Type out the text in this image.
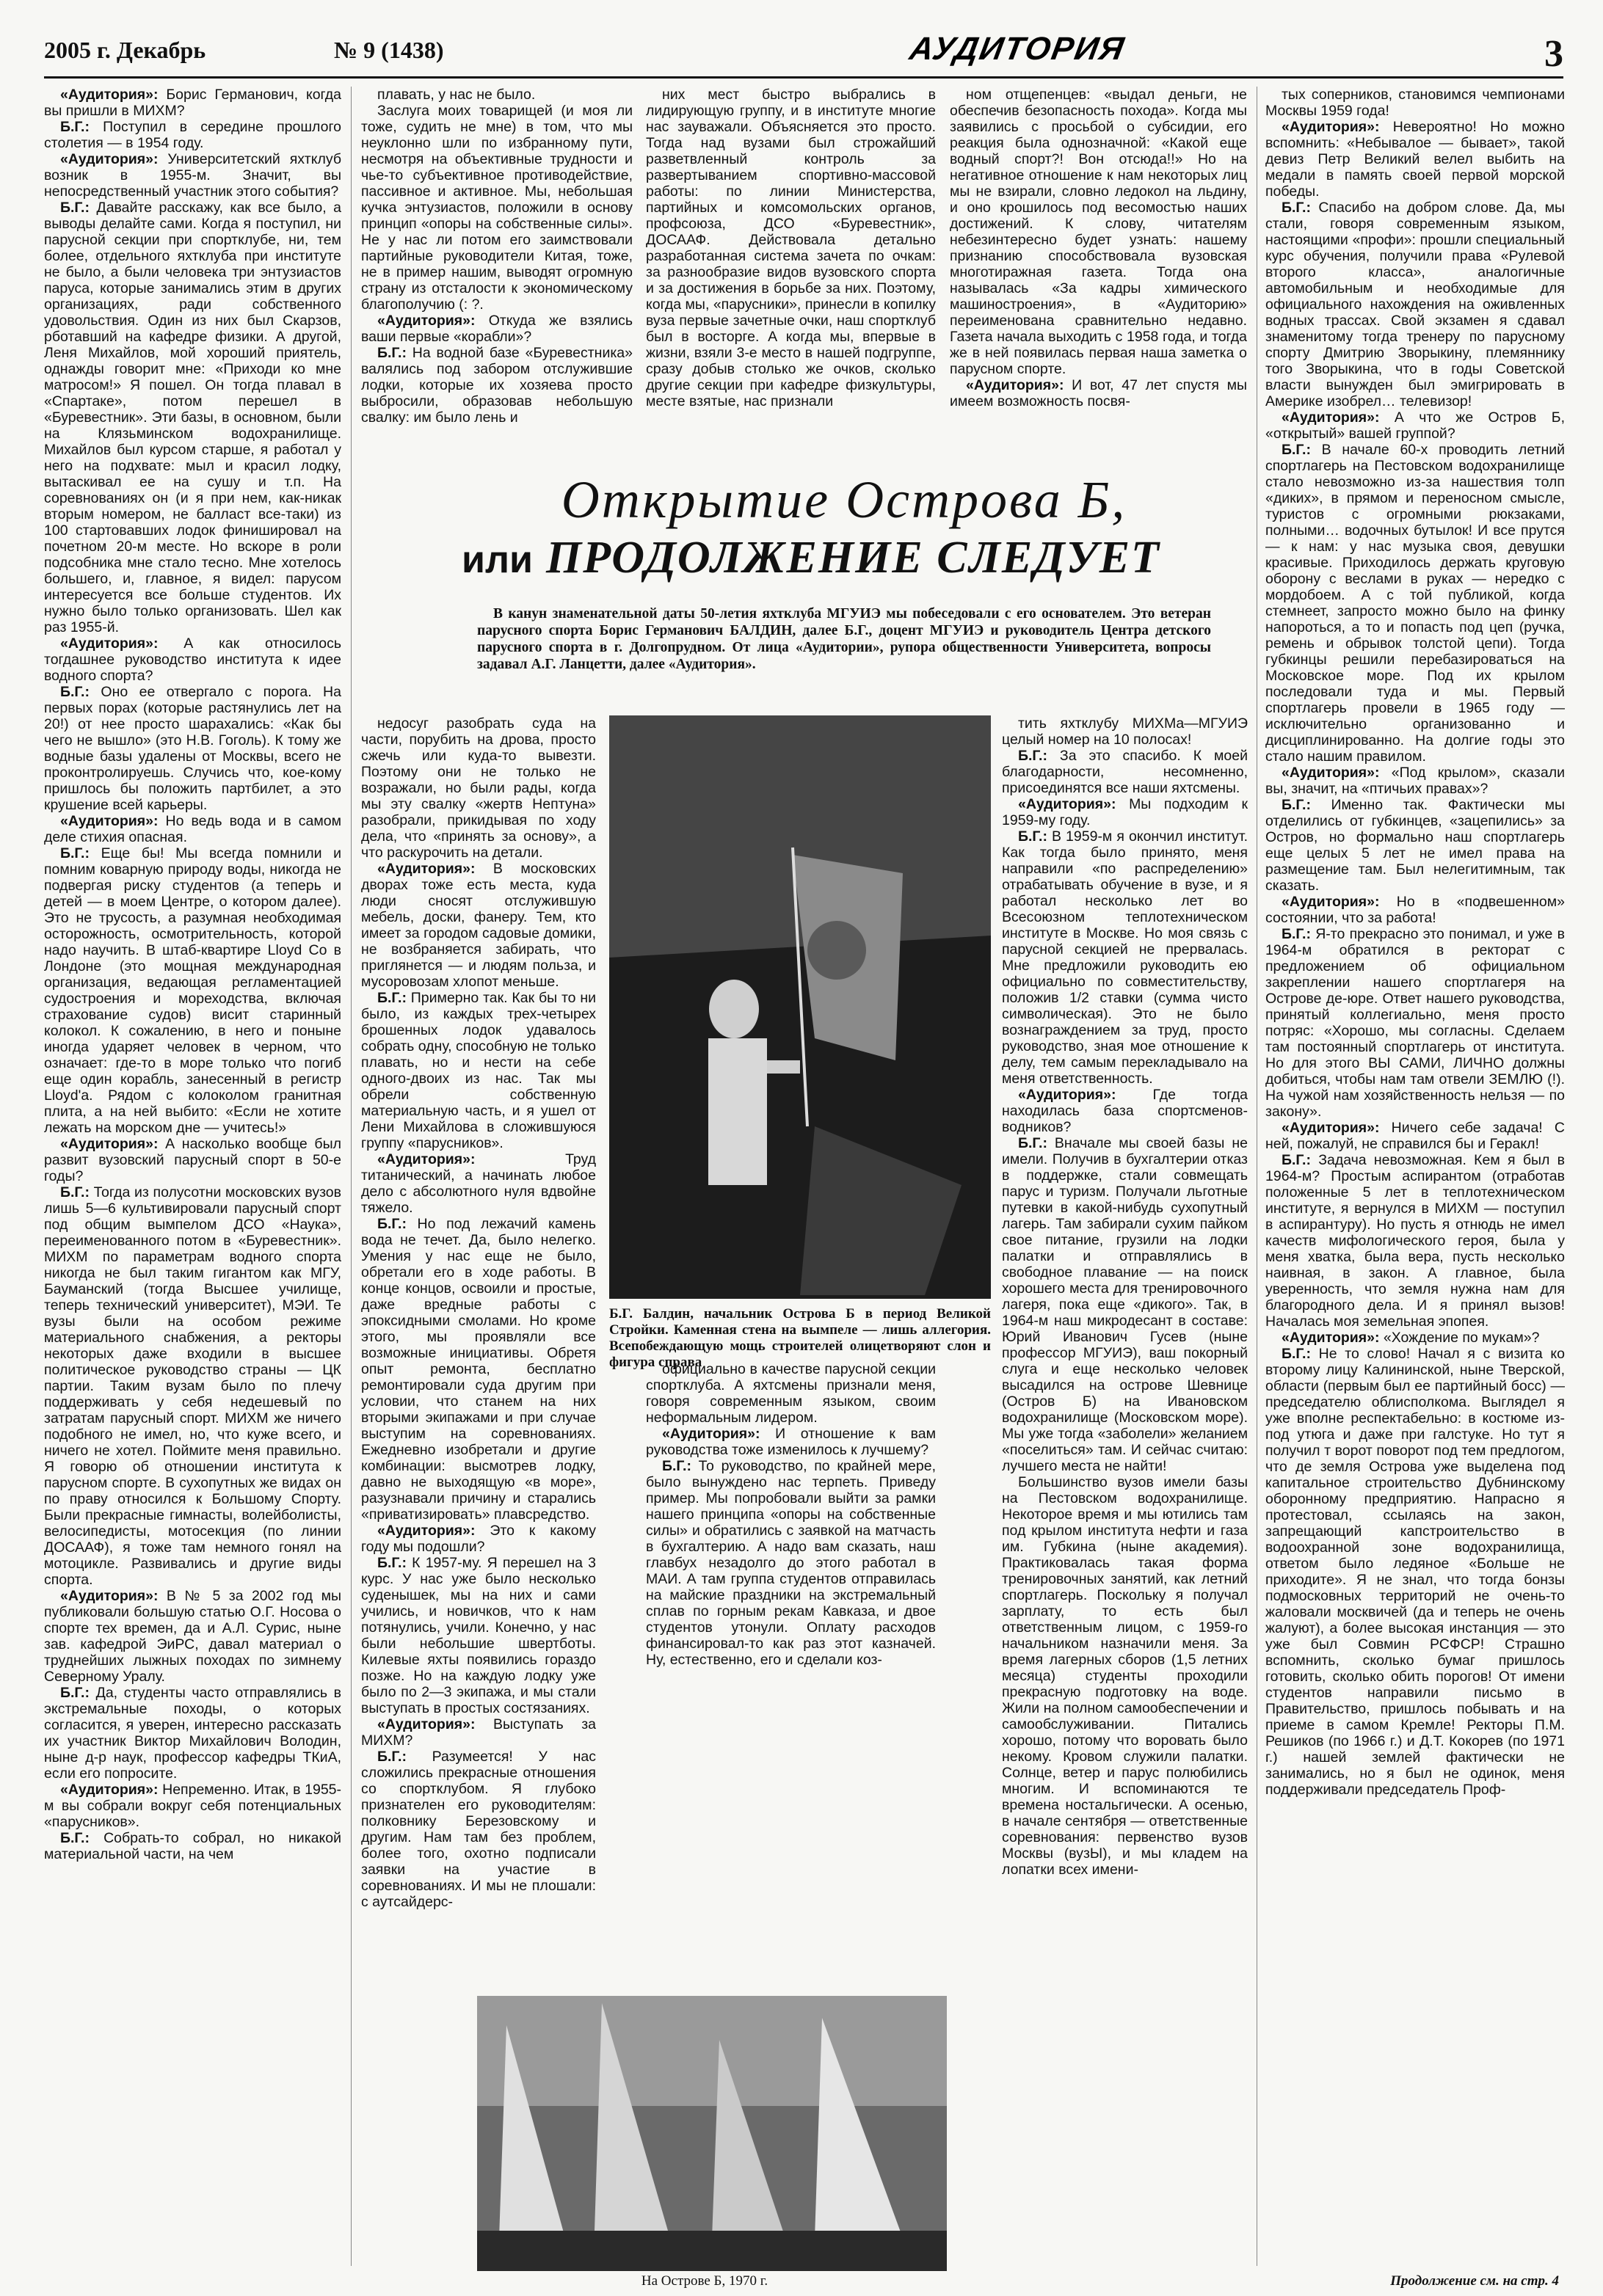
2005 г. Декабрь	№ 9 (1438)	АУДИТОРИЯ	3

«Аудитория»: Борис Германович, когда вы пришли в МИХМ?

Б.Г.: Поступил в середине прошлого столетия — в 1954 году.

«Аудитория»: Университетский яхтклуб возник в 1955-м. Значит, вы непосредственный участник этого события?

Б.Г.: Давайте расскажу, как все было, а выводы делайте сами. Когда я поступил, ни парусной секции при спортклубе, ни, тем более, отдельного яхтклуба при институте не было, а были человека три энтузиастов паруса, которые занимались этим в других организациях, ради собственного удовольствия. Один из них был Скарзов, рботавший на кафедре физики. А другой, Леня Михайлов, мой хороший приятель, однажды говорит мне: «Приходи ко мне матросом!» Я пошел. Он тогда плавал в «Спартаке», потом перешел в «Буревестник». Эти базы, в основном, были на Клязьминском водохранилище. Михайлов был курсом старше, я работал у него на подхвате: мыл и красил лодку, вытаскивал ее на сушу и т.п. На соревнованиях он (и я при нем, как-никак вторым номером, не балласт все-таки) из 100 стартовавших лодок финишировал на почетном 20-м месте. Но вскоре в роли подсобника мне стало тесно. Мне хотелось большего, и, главное, я видел: парусом интересуется все больше студентов. Их нужно было только организовать. Шел как раз 1955-й.

«Аудитория»: А как относилось тогдашнее руководство института к идее водного спорта?

Б.Г.: Оно ее отвергало с порога. На первых порах (которые растянулись лет на 20!) от нее просто шарахались: «Как бы чего не вышло» (это Н.В. Гоголь). К тому же водные базы удалены от Москвы, всего не проконтролируешь. Случись что, кое-кому пришлось бы положить партбилет, а это крушение всей карьеры.

«Аудитория»: Но ведь вода и в самом деле стихия опасная.

Б.Г.: Еще бы! Мы всегда помнили и помним коварную природу воды, никогда не подвергая риску студентов (а теперь и детей — в моем Центре, о котором далее). Это не трусость, а разумная необходимая осторожность, осмотрительность, которой надо научить. В штаб-квартире Lloyd Co в Лондоне (это мощная международная организация, ведающая регламентацией судостроения и мореходства, включая страхование судов) висит старинный колокол. К сожалению, в него и поныне иногда ударяет человек в черном, что означает: где-то в море только что погиб еще один корабль, занесенный в регистр Lloyd'а. Рядом с колоколом гранитная плита, а на ней выбито: «Если не хотите лежать на морском дне — учитесь!»

«Аудитория»: А насколько вообще был развит вузовский парусный спорт в 50-е годы?

Б.Г.: Тогда из полусотни московских вузов лишь 5—6 культивировали парусный спорт под общим вымпелом ДСО «Наука», переименованного потом в «Буревестник». МИХМ по параметрам водного спорта никогда не был таким гигантом как МГУ, Бауманский (тогда Высшее училище, теперь технический университет), МЭИ. Те вузы были на особом режиме материального снабжения, а ректоры некоторых даже входили в высшее политическое руководство страны — ЦК партии. Таким вузам было по плечу поддерживать у себя недешевый по затратам парусный спорт. МИХМ же ничего подобного не имел, но, что куже всего, и ничего не хотел. Поймите меня правильно. Я говорю об отношении института к парусном спорте. В сухопутных же видах он по праву относился к Большому Спорту. Были прекрасные гимнасты, волейболисты, велосипедисты, мотосекция (по линии ДОСААФ), я тоже там немного гонял на мотоцикле. Развивались и другие виды спорта.

«Аудитория»: В № 5 за 2002 год мы публиковали большую статью О.Г. Носова о спорте тех времен, да и А.Л. Сурис, ныне зав. кафедрой ЭиРС, давал материал о труднейших лыжных походах по зимнему Северному Уралу.

Б.Г.: Да, студенты часто отправлялись в экстремальные походы, о которых согласится, я уверен, интересно рассказать их участник Виктор Михайлович Володин, ныне д-р наук, профессор кафедры ТКиА, если его попросите.

«Аудитория»: Непременно. Итак, в 1955-м вы собрали вокруг себя потенциальных «парусников».

Б.Г.: Собрать-то собрал, но никакой материальной части, на чем

плавать, у нас не было.

Заслуга моих товарищей (и моя ли тоже, судить не мне) в том, что мы неуклонно шли по избранному пути, несмотря на объективные трудности и чье-то субъективное противодействие, пассивное и активное. Мы, небольшая кучка энтузиастов, положили в основу принцип «опоры на собственные силы». Не у нас ли потом его заимствовали партийные руководители Китая, тоже, не в пример нашим, выводят огромную страну из отсталости к экономическому благополучию (: ?.

«Аудитория»: Откуда же взялись ваши первые «корабли»?

Б.Г.: На водной базе «Буревестника» валялись под забором отслужившие лодки, которые их хозяева просто выбросили, образовав небольшую свалку: им было лень и

них мест быстро выбрались в лидирующую группу, и в институте многие нас зауважали. Объясняется это просто. Тогда над вузами был строжайший разветвленный контроль за развертыванием спортивно-массовой работы: по линии Министерства, партийных и комсомольских органов, профсоюза, ДСО «Буревестник», ДОСААФ. Действовала детально разработанная система зачета по очкам: за разнообразие видов вузовского спорта и за достижения в борьбе за них. Поэтому, когда мы, «парусники», принесли в копилку вуза первые зачетные очки, наш спортклуб был в восторге. А когда мы, впервые в жизни, взяли 3-е место в нашей подгруппе, сразу добыв столько же очков, сколько другие секции при кафедре физкультуры, месте взятые, нас признали

ном отщепенцев: «выдал деньги, не обеспечив безопасность похода». Когда мы заявились с просьбой о субсидии, его реакция была однозначной: «Какой еще водный спорт?! Вон отсюда!!» Но на негативное отношение к нам некоторых лиц мы не взирали, словно ледокол на льдину, и оно крошилось под весомостью наших достижений. К слову, читателям небезинтересно будет узнать: нашему признанию способствовала вузовская многотиражная газета. Тогда она называлась «За кадры химического машиностроения», в «Аудиторию» переименована сравнительно недавно. Газета начала выходить с 1958 года, и тогда же в ней появилась первая наша заметка о парусном спорте.

«Аудитория»: И вот, 47 лет спустя мы имеем возможность посвя-

тых соперников, становимся чемпионами Москвы 1959 года!

«Аудитория»: Невероятно! Но можно вспомнить: «Небывалое — бывает», такой девиз Петр Великий велел выбить на медали в память своей первой морской победы.

Б.Г.: Спасибо на добром слове. Да, мы стали, говоря современным языком, настоящими «профи»: прошли специальный курс обучения, получили права «Рулевой второго класса», аналогичные автомобильным и необходимые для официального нахождения на оживленных водных трассах. Свой экзамен я сдавал знаменитому тогда тренеру по парусному спорту Дмитрию Зворыкину, племяннику того Зворыкина, что в годы Советской власти вынужден был эмигрировать в Америке изобрел… телевизор!

«Аудитория»: А что же Остров Б, «открытый» вашей группой?

Б.Г.: В начале 60-х проводить летний спортлагерь на Пестовском водохранилище стало невозможно из-за нашествия толп «диких», в прямом и переносном смысле, туристов с огромными рюкзаками, полными… водочных бутылок! И все прутся — к нам: у нас музыка своя, девушки красивые. Приходилось держать круговую оборону с веслами в руках — нередко с мордобоем. А с той публикой, когда стемнеет, запросто можно было на финку напороться, а то и попасть под цеп (ручка, ремень и обрывок толстой цепи). Тогда губкинцы решили перебазироваться на Московское море. Под их крылом последовали туда и мы. Первый спортлагерь провели в 1965 году — исключительно организованно и дисциплинированно. На долгие годы это стало нашим правилом.

«Аудитория»: «Под крылом», сказали вы, значит, на «птичьих правах»?

Б.Г.: Именно так. Фактически мы отделились от губкинцев, «зацепились» за Остров, но формально наш спортлагерь еще целых 5 лет не имел права на размещение там. Был нелегитимным, так сказать.

«Аудитория»: Но в «подвешенном» состоянии, что за работа!

Б.Г.: Я-то прекрасно это понимал, и уже в 1964-м обратился в ректорат с предложением об официальном закреплении нашего спортлагеря на Острове де-юре. Ответ нашего руководства, принятый коллегиально, меня просто потряс: «Хорошо, мы согласны. Сделаем там постоянный спортлагерь от института. Но для этого ВЫ САМИ, ЛИЧНО должны добиться, чтобы нам там отвели ЗЕМЛЮ (!). На чужой нам хозяйственность нельзя — по закону».

«Аудитория»: Ничего себе задача! С ней, пожалуй, не справился бы и Геракл!

Б.Г.: Задача невозможная. Кем я был в 1964-м? Простым аспирантом (отработав положенные 5 лет в теплотехническом институте, я вернулся в МИХМ — поступил в аспирантуру). Но пусть я отнюдь не имел качеств мифологического героя, была у меня хватка, была вера, пусть несколько наивная, в закон. А главное, была уверенность, что земля нужна нам для благородного дела. И я принял вызов! Началась моя земельная эпопея.

«Аудитория»: «Хождение по мукам»?

Б.Г.: Не то слово! Начал я с визита ко второму лицу Калининской, ныне Тверской, области (первым был ее партийный босс) — председателю облисполкома. Выглядел я уже вполне респектабельно: в костюме из-под утюга и даже при галстуке. Но тут я получил т ворот поворот под тем предлогом, что де земля Острова уже выделена под капитальное строительство Дубнинскому оборонному предприятию. Напрасно я протестовал, ссылаясь на закон, запрещающий капстроительство в водоохранной зоне водохранилища, ответом было ледяное «Больше не приходите». Я не знал, что тогда бонзы подмосковных территорий не очень-то жаловали москвичей (да и теперь не очень жалуют), а более высокая инстанция — это уже был Совмин РСФСР! Страшно вспомнить, сколько бумаг пришлось готовить, сколько обить порогов! От имени студентов направили письмо в Правительство, пришлось побывать и на приеме в самом Кремле! Ректоры П.М. Решиков (по 1966 г.) и Д.Т. Кокорев (по 1971 г.) нашей землей фактически не занимались, но я был не одинок, меня поддерживали председатель Проф-

Открытие Острова Б,
или ПРОДОЛЖЕНИЕ СЛЕДУЕТ

В канун знаменательной даты 50-летия яхтклуба МГУИЭ мы побеседовали с его основателем. Это ветеран парусного спорта Борис Германович БАЛДИН, далее Б.Г., доцент МГУИЭ и руководитель Центра детского парусного спорта в г. Долгопрудном. От лица «Аудитории», рупора общественности Университета, вопросы задавал А.Г. Ланцетти, далее «Аудитория».

недосуг разобрать суда на части, порубить на дрова, просто сжечь или куда-то вывезти. Поэтому они не только не возражали, но были рады, когда мы эту свалку «жертв Нептуна» разобрали, прикидывая по ходу дела, что «принять за основу», а что раскурочить на детали.

«Аудитория»: В московских дворах тоже есть места, куда люди сносят отслужившую мебель, доски, фанеру. Тем, кто имеет за городом садовые домики, не возбраняется забирать, что приглянется — и людям польза, и мусоровозам хлопот меньше.

Б.Г.: Примерно так. Как бы то ни было, из каждых трех-четырех брошенных лодок удавалось собрать одну, способную не только плавать, но и нести на себе одного-двоих из нас. Так мы обрели собственную материальную часть, и я ушел от Лени Михайлова в сложившуюся группу «парусников».

«Аудитория»: Труд титанический, а начинать любое дело с абсолютного нуля вдвойне тяжело.

Б.Г.: Но под лежачий камень вода не течет. Да, было нелегко. Умения у нас еще не было, обретали его в ходе работы. В конце концов, освоили и простые, даже вредные работы с эпоксидными смолами. Но кроме этого, мы проявляли все возможные инициативы. Обретя опыт ремонта, бесплатно ремонтировали суда другим при условии, что станем на них вторыми экипажами и при случае выступим на соревнованиях. Ежедневно изобретали и другие комбинации: высмотрев лодку, давно не выходящую «в море», разузнавали причину и старались «приватизировать» плавсредство.

«Аудитория»: Это к какому году мы подошли?

Б.Г.: К 1957-му. Я перешел на 3 курс. У нас уже было несколько суденышек, мы на них и сами учились, и новичков, что к нам потянулись, учили. Конечно, у нас были небольшие швертботы. Килевые яхты появились гораздо позже. Но на каждую лодку уже было по 2—3 экипажа, и мы стали выступать в простых состязаниях.

«Аудитория»: Выступать за МИХМ?

Б.Г.: Разумеется! У нас сложились прекрасные отношения со спортклубом. Я глубоко признателен его руководителям: полковнику Березовскому и другим. Нам там без проблем, более того, охотно подписали заявки на участие в соревнованиях. И мы не плошали: с аутсайдерс-

Б.Г. Балдин, начальник Острова Б в период Великой Стройки. Каменная стена на вымпеле — лишь аллегория. Всепобеждающую мощь строителей олицетворяют слон и фигура справа

официально в качестве парусной секции спортклуба. А яхтсмены признали меня, говоря современным языком, своим неформальным лидером.

«Аудитория»: И отношение к вам руководства тоже изменилось к лучшему?

Б.Г.: То руководство, по крайней мере, было вынуждено нас терпеть. Приведу пример. Мы попробовали выйти за рамки нашего принципа «опоры на собственные силы» и обратились с заявкой на матчасть в бухгалтерию. А надо вам сказать, наш главбух незадолго до этого работал в МАИ. А там группа студентов отправилась на майские праздники на экстремальный сплав по горным рекам Кавказа, и двое студентов утонули. Оплату расходов финансировал-то как раз этот казначей. Ну, естественно, его и сделали коз-

тить яхтклубу МИХМа—МГУИЭ целый номер на 10 полосах!

Б.Г.: За это спасибо. К моей благодарности, несомненно, присоединятся все наши яхтсмены.

«Аудитория»: Мы подходим к 1959-му году.

Б.Г.: В 1959-м я окончил институт. Как тогда было принято, меня направили «по распределению» отрабатывать обучение в вузе, и я работал несколько лет во Всесоюзном теплотехническом институте в Москве. Но моя связь с парусной секцией не прервалась. Мне предложили руководить ею официально по совместительству, положив 1/2 ставки (сумма чисто символическая). Это не было вознаграждением за труд, просто руководство, зная мое отношение к делу, тем самым перекладывало на меня ответственность.

«Аудитория»: Где тогда находилась база спортсменов-водников?

Б.Г.: Вначале мы своей базы не имели. Получив в бухгалтерии отказ в поддержке, стали совмещать парус и туризм. Получали льготные путевки в какой-нибудь сухопутный лагерь. Там забирали сухим пайком свое питание, грузили на лодки палатки и отправлялись в свободное плавание — на поиск хорошего места для тренировочного лагеря, пока еще «дикого». Так, в 1964-м наш микродесант в составе: Юрий Иванович Гусев (ныне профессор МГУИЭ), ваш покорный слуга и еще несколько человек высадился на острове Шевнице (Остров Б) на Ивановском водохранилище (Московском море). Мы уже тогда «заболели» желанием «поселиться» там. И сейчас считаю: лучшего места не найти!

Большинство вузов имели базы на Пестовском водохранилище. Некоторое время и мы ютились там под крылом института нефти и газа им. Губкина (ныне академия). Практиковалась такая форма тренировочных занятий, как летний спортлагерь. Поскольку я получал зарплату, то есть был ответственным лицом, с 1959-го начальником назначили меня. За время лагерных сборов (1,5 летних месяца) студенты проходили прекрасную подготовку на воде. Жили на полном самообеспечении и самообслуживании. Питались хорошо, потому что воровать было некому. Кровом служили палатки. Солнце, ветер и парус полюбились многим. И вспоминаются те времена ностальгически. А осенью, в начале сентября — ответственные соревнования: первенство вузов Москвы (вузЫ), и мы кладем на лопатки всех имени-

На Острове Б, 1970 г.	Продолжение см. на стр. 4
